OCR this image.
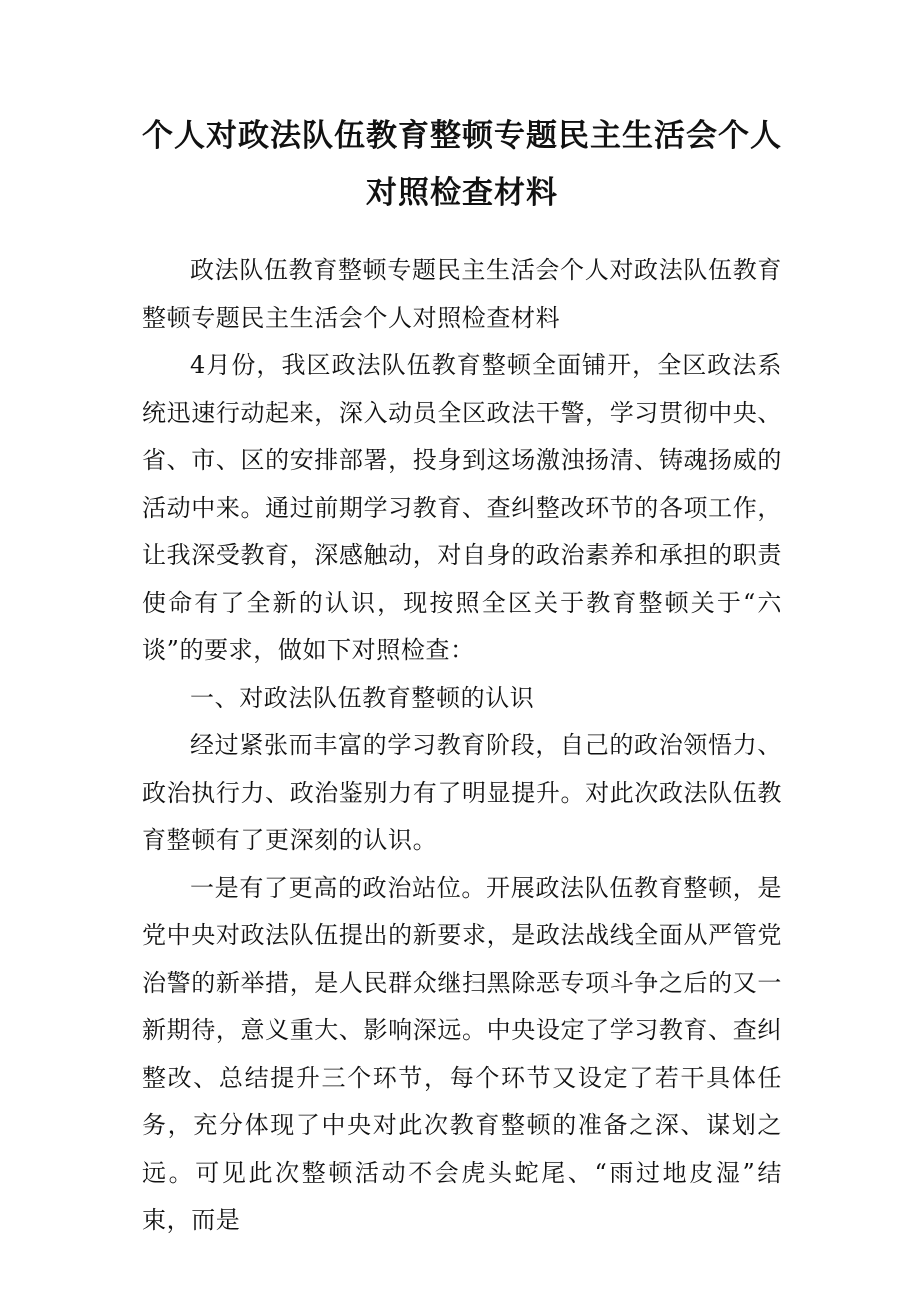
个人对政法队伍教育整顿专题民主生活会个人对照检查材料

政法队伍教育整顿专题民主生活会个人对政法队伍教育整顿专题民主生活会个人对照检查材料

4月份，我区政法队伍教育整顿全面铺开，全区政法系统迅速行动起来，深入动员全区政法干警，学习贯彻中央、省、市、区的安排部署，投身到这场激浊扬清、铸魂扬威的活动中来。通过前期学习教育、查纠整改环节的各项工作，让我深受教育，深感触动，对自身的政治素养和承担的职责使命有了全新的认识，现按照全区关于教育整顿关于“六谈”的要求，做如下对照检查：

一、对政法队伍教育整顿的认识

经过紧张而丰富的学习教育阶段，自己的政治领悟力、政治执行力、政治鉴别力有了明显提升。对此次政法队伍教育整顿有了更深刻的认识。

一是有了更高的政治站位。开展政法队伍教育整顿，是党中央对政法队伍提出的新要求，是政法战线全面从严管党治警的新举措，是人民群众继扫黑除恶专项斗争之后的又一新期待，意义重大、影响深远。中央设定了学习教育、查纠整改、总结提升三个环节，每个环节又设定了若干具体任务，充分体现了中央对此次教育整顿的准备之深、谋划之远。可见此次整顿活动不会虎头蛇尾、“雨过地皮湿”结束，而是
